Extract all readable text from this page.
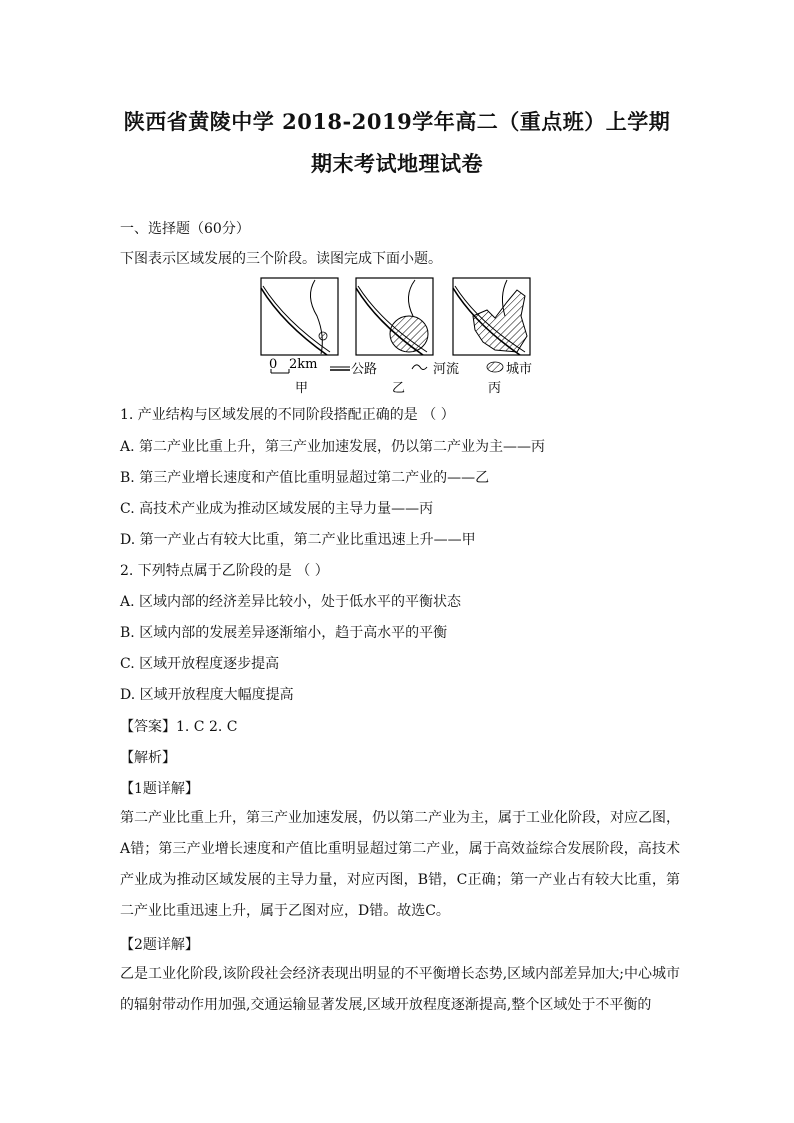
陕西省黄陵中学 2018-2019学年高二（重点班）上学期
期末考试地理试卷
一、选择题（60分）
下图表示区域发展的三个阶段。读图完成下面小题。
0 2km	公路	河流	城市
甲	乙	丙
1. 产业结构与区域发展的不同阶段搭配正确的是 （ ）
A. 第二产业比重上升，第三产业加速发展，仍以第二产业为主——丙
B. 第三产业增长速度和产值比重明显超过第二产业的——乙
C. 高技术产业成为推动区域发展的主导力量——丙
D. 第一产业占有较大比重，第二产业比重迅速上升——甲
2. 下列特点属于乙阶段的是 （ ）
A. 区域内部的经济差异比较小，处于低水平的平衡状态
B. 区域内部的发展差异逐渐缩小，趋于高水平的平衡
C. 区域开放程度逐步提高
D. 区域开放程度大幅度提高
【答案】1. C 2. C
【解析】
【1题详解】
第二产业比重上升，第三产业加速发展，仍以第二产业为主，属于工业化阶段，对应乙图，A错；第三产业增长速度和产值比重明显超过第二产业，属于高效益综合发展阶段，高技术产业成为推动区域发展的主导力量，对应丙图，B错，C正确；第一产业占有较大比重，第二产业比重迅速上升，属于乙图对应，D错。故选C。
【2题详解】
乙是工业化阶段,该阶段社会经济表现出明显的不平衡增长态势,区域内部差异加大;中心城市的辐射带动作用加强,交通运输显著发展,区域开放程度逐渐提高,整个区域处于不平衡的
